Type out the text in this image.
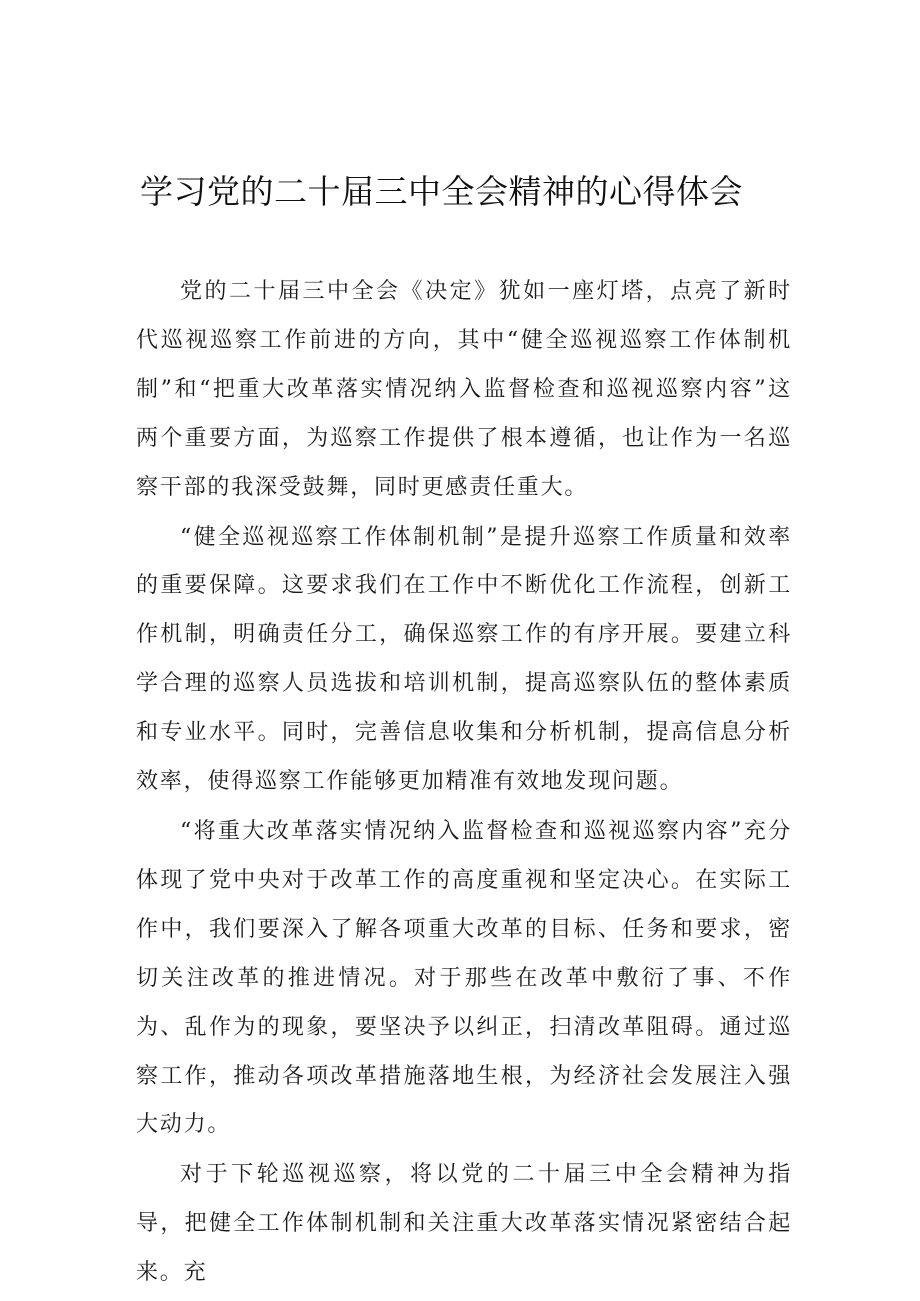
学习党的二十届三中全会精神的心得体会

党的二十届三中全会《决定》犹如一座灯塔，点亮了新时代巡视巡察工作前进的方向，其中“健全巡视巡察工作体制机制”和“把重大改革落实情况纳入监督检查和巡视巡察内容”这两个重要方面，为巡察工作提供了根本遵循，也让作为一名巡察干部的我深受鼓舞，同时更感责任重大。

“健全巡视巡察工作体制机制”是提升巡察工作质量和效率的重要保障。这要求我们在工作中不断优化工作流程，创新工作机制，明确责任分工，确保巡察工作的有序开展。要建立科学合理的巡察人员选拔和培训机制，提高巡察队伍的整体素质和专业水平。同时，完善信息收集和分析机制，提高信息分析效率，使得巡察工作能够更加精准有效地发现问题。

“将重大改革落实情况纳入监督检查和巡视巡察内容”充分体现了党中央对于改革工作的高度重视和坚定决心。在实际工作中，我们要深入了解各项重大改革的目标、任务和要求，密切关注改革的推进情况。对于那些在改革中敷衍了事、不作为、乱作为的现象，要坚决予以纠正，扫清改革阻碍。通过巡察工作，推动各项改革措施落地生根，为经济社会发展注入强大动力。

对于下轮巡视巡察，将以党的二十届三中全会精神为指导，把健全工作体制机制和关注重大改革落实情况紧密结合起来。充
